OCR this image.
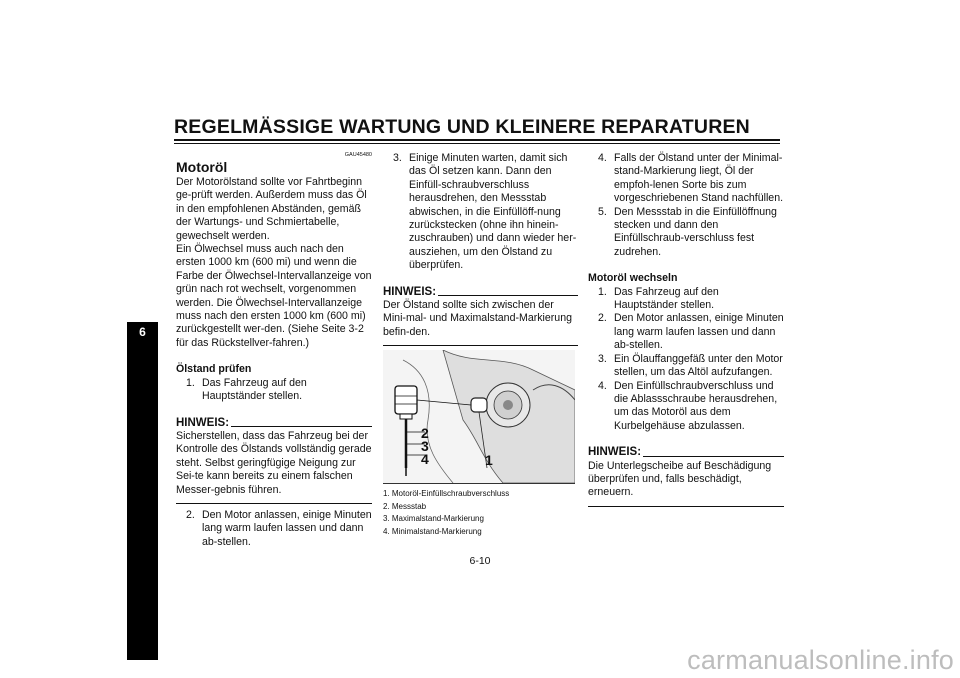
REGELMÄSSIGE WARTUNG UND KLEINERE REPARATUREN
6
GAU45480
Motoröl

Der Motorölstand sollte vor Fahrtbeginn ge-prüft werden. Außerdem muss das Öl in den empfohlenen Abständen, gemäß der Wartungs- und Schmiertabelle, gewechselt werden.

Ein Ölwechsel muss auch nach den ersten 1000 km (600 mi) und wenn die Farbe der Ölwechsel-Intervallanzeige von grün nach rot wechselt, vorgenommen werden. Die Ölwechsel-Intervallanzeige muss nach den ersten 1000 km (600 mi) zurückgestellt wer-den. (Siehe Seite 3-2 für das Rückstellver-fahren.)

Ölstand prüfen
1. Das Fahrzeug auf den Hauptständer stellen.
HINWEIS:

Sicherstellen, dass das Fahrzeug bei der Kontrolle des Ölstands vollständig gerade steht. Selbst geringfügige Neigung zur Sei-te kann bereits zu einem falschen Messer-gebnis führen.

2. Den Motor anlassen, einige Minuten lang warm laufen lassen und dann ab-stellen.
3. Einige Minuten warten, damit sich das Öl setzen kann. Dann den Einfüll-schraubverschluss herausdrehen, den Messstab abwischen, in die Einfüllöff-nung zurückstecken (ohne ihn hinein-zuschrauben) und dann wieder her-ausziehen, um den Ölstand zu überprüfen.
HINWEIS:

Der Ölstand sollte sich zwischen der Mini-mal- und Maximalstand-Markierung befin-den.

2
3
4	1
1. Motoröl-Einfüllschraubverschluss
2. Messstab
3. Maximalstand-Markierung
4. Minimalstand-Markierung
4. Falls der Ölstand unter der Minimal-stand-Markierung liegt, Öl der empfoh-lenen Sorte bis zum vorgeschriebenen Stand nachfüllen.
5. Den Messstab in die Einfüllöffnung stecken und dann den Einfüllschraub-verschluss fest zudrehen.
Motoröl wechseln
1. Das Fahrzeug auf den Hauptständer stellen.
2. Den Motor anlassen, einige Minuten lang warm laufen lassen und dann ab-stellen.
3. Ein Ölauffanggefäß unter den Motor stellen, um das Altöl aufzufangen.
4. Den Einfüllschraubverschluss und die Ablassschraube herausdrehen, um das Motoröl aus dem Kurbelgehäuse abzulassen.
HINWEIS:

Die Unterlegscheibe auf Beschädigung überprüfen und, falls beschädigt, erneuern.

6-10
carmanualsonline.info
